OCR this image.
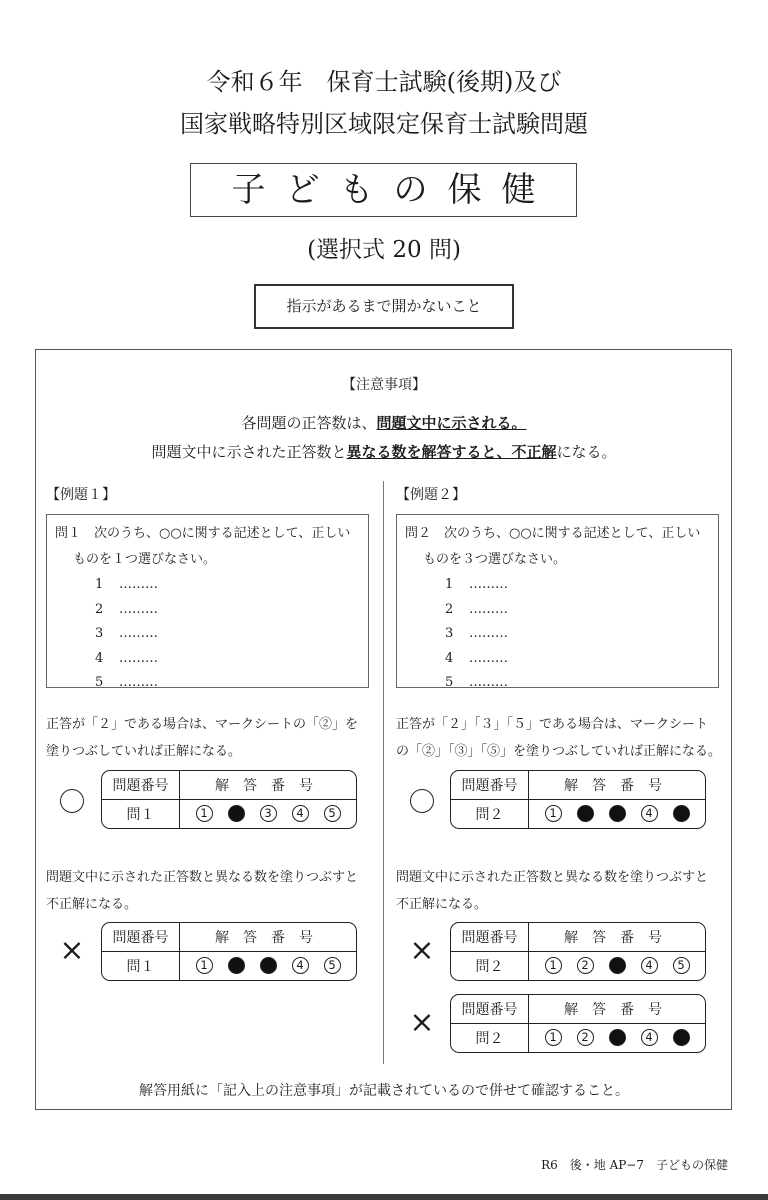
令和６年　保育士試験(後期)及び
国家戦略特別区域限定保育士試験問題
子どもの保健
(選択式 20 問)
指示があるまで開かないこと
【注意事項】
各問題の正答数は、問題文中に示される。
問題文中に示された正答数と異なる数を解答すると、不正解になる。
【例題１】
問１　次のうち、○○に関する記述として、正しい
ものを１つ選びなさい。
1 ………
2 ………
3 ………
4 ………
5 ………
正答が「２」である場合は、マークシートの「②」を
塗りつぶしていれば正解になる。
問題番号	解答番号
問１	1	2	3	4	5
問題文中に示された正答数と異なる数を塗りつぶすと
不正解になる。
×	問題番号	解答番号
問１	1	2	3	4	5
【例題２】
問２　次のうち、○○に関する記述として、正しい
ものを３つ選びなさい。
1 ………
2 ………
3 ………
4 ………
5 ………
正答が「２」「３」「５」である場合は、マークシート
の「②」「③」「⑤」を塗りつぶしていれば正解になる。
問題番号	解答番号
問２	1	2	3	4	5
問題文中に示された正答数と異なる数を塗りつぶすと
不正解になる。
×	問題番号	解答番号
問２	1	2	3	4	5
×	問題番号	解答番号
問２	1	2	3	4	5
解答用紙に「記入上の注意事項」が記載されているので併せて確認すること。
R6　後・地 AP−7　子どもの保健
